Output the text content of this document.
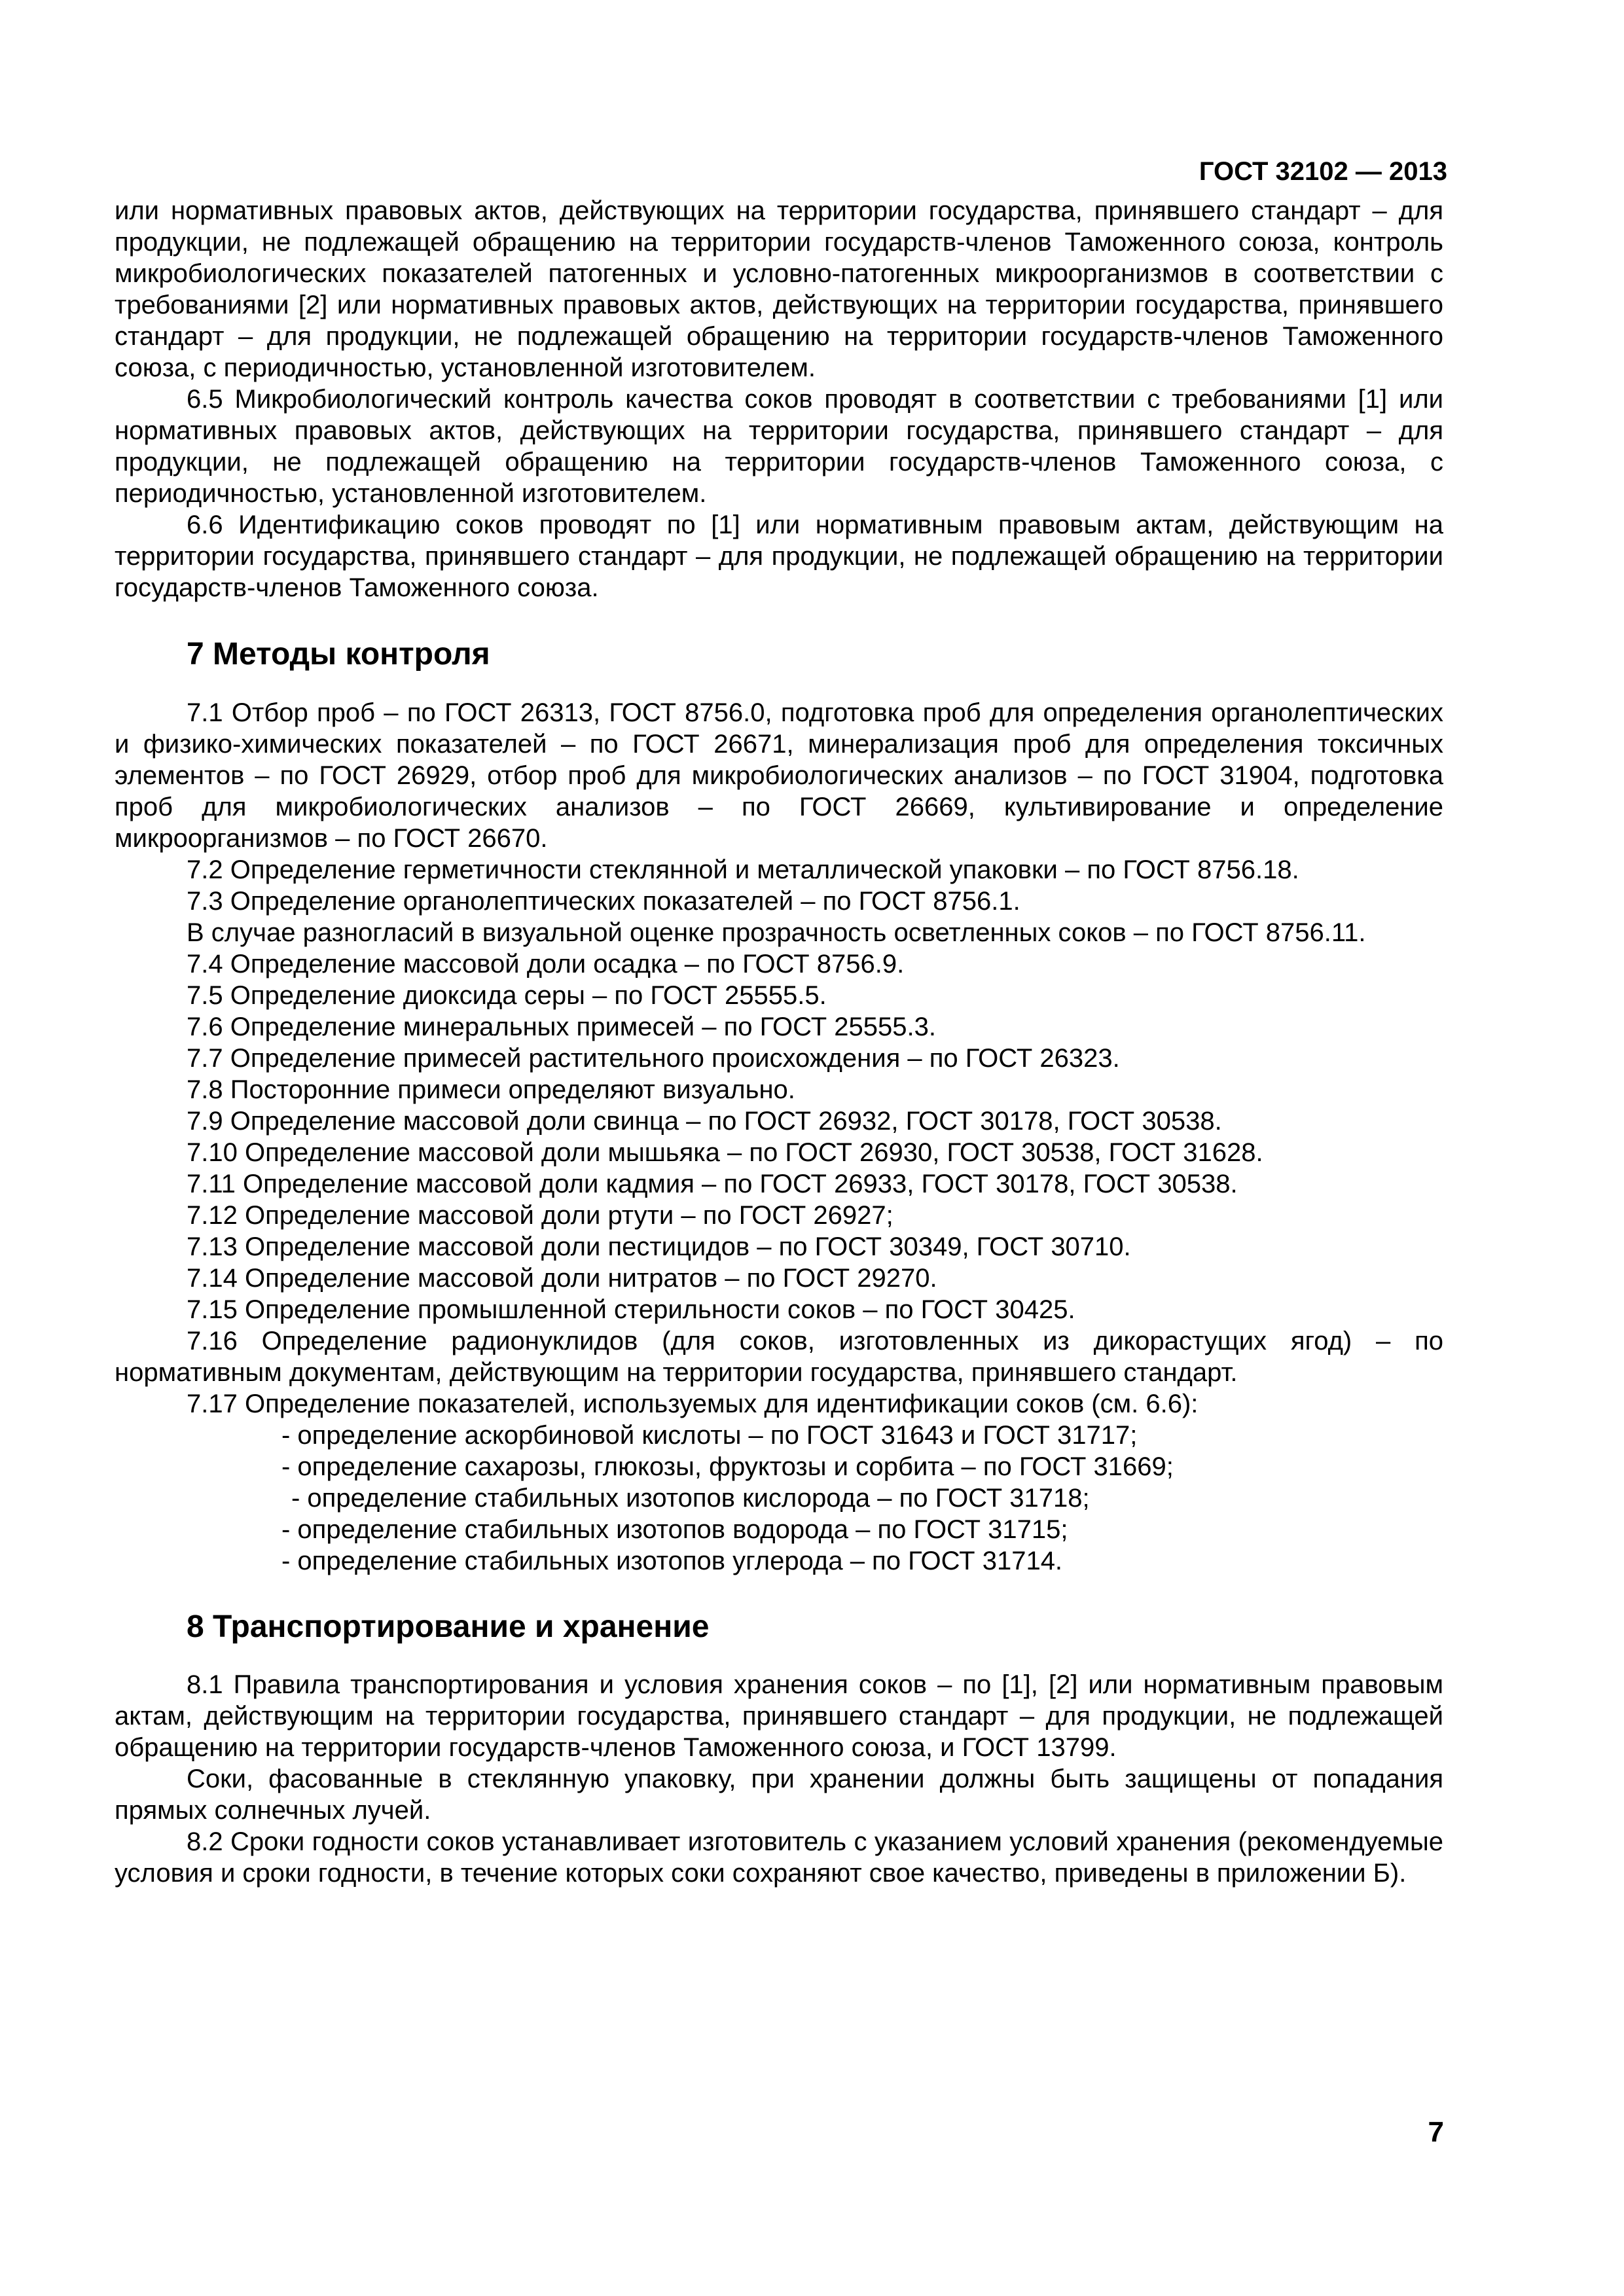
ГОСТ 32102 — 2013

или нормативных правовых актов, действующих на территории государства, принявшего стандарт – для продукции, не подлежащей обращению на территории государств-членов Таможенного союза, контроль микробиологических показателей патогенных и условно-патогенных микроорганизмов в соответствии с требованиями [2] или нормативных правовых актов, действующих на территории государства, принявшего стандарт – для продукции, не подлежащей обращению на территории государств-членов Таможенного союза, с периодичностью, установленной изготовителем.

6.5 Микробиологический контроль качества соков проводят в соответствии с требованиями [1] или нормативных правовых актов, действующих на территории государства, принявшего стандарт – для продукции, не подлежащей обращению на территории государств-членов Таможенного союза, с периодичностью, установленной изготовителем.

6.6 Идентификацию соков проводят по [1] или нормативным правовым актам, действующим на территории государства, принявшего стандарт – для продукции, не подлежащей обращению на территории государств-членов Таможенного союза.

7 Методы контроля

7.1 Отбор проб – по ГОСТ 26313, ГОСТ 8756.0, подготовка проб для определения органолептических и физико-химических показателей – по ГОСТ 26671, минерализация проб для определения токсичных элементов – по ГОСТ 26929, отбор проб для микробиологических анализов – по ГОСТ 31904, подготовка проб для микробиологических анализов – по ГОСТ 26669, культивирование и определение микроорганизмов – по ГОСТ 26670.

7.2 Определение герметичности стеклянной и металлической упаковки – по ГОСТ 8756.18.

7.3 Определение органолептических показателей – по ГОСТ 8756.1.

В случае разногласий в визуальной оценке прозрачность осветленных соков – по ГОСТ 8756.11.

7.4 Определение массовой доли осадка – по ГОСТ 8756.9.

7.5 Определение диоксида серы – по ГОСТ 25555.5.

7.6 Определение минеральных примесей – по ГОСТ 25555.3.

7.7 Определение примесей растительного происхождения – по ГОСТ 26323.

7.8 Посторонние примеси определяют визуально.

7.9 Определение массовой доли свинца – по ГОСТ 26932, ГОСТ 30178, ГОСТ 30538.

7.10 Определение массовой доли мышьяка – по ГОСТ 26930, ГОСТ 30538, ГОСТ 31628.

7.11 Определение массовой доли кадмия – по ГОСТ 26933, ГОСТ 30178, ГОСТ 30538.

7.12 Определение массовой доли ртути – по ГОСТ 26927;

7.13 Определение массовой доли пестицидов – по ГОСТ 30349, ГОСТ 30710.

7.14 Определение массовой доли нитратов – по ГОСТ 29270.

7.15 Определение промышленной стерильности соков – по ГОСТ 30425.

7.16 Определение радионуклидов (для соков, изготовленных из дикорастущих ягод) – по нормативным документам, действующим на территории государства, принявшего стандарт.

7.17 Определение показателей, используемых для идентификации соков (см. 6.6):

- определение аскорбиновой кислоты – по ГОСТ 31643 и ГОСТ 31717;

- определение сахарозы, глюкозы, фруктозы и сорбита – по ГОСТ 31669;

- определение стабильных изотопов кислорода – по ГОСТ 31718;

- определение стабильных изотопов водорода – по ГОСТ 31715;

- определение стабильных изотопов углерода – по ГОСТ 31714.

8 Транспортирование и хранение

8.1 Правила транспортирования и условия хранения соков – по [1], [2] или нормативным правовым актам, действующим на территории государства, принявшего стандарт – для продукции, не подлежащей обращению на территории государств-членов Таможенного союза, и ГОСТ 13799.

Соки, фасованные в стеклянную упаковку, при хранении должны быть защищены от попадания прямых солнечных лучей.

8.2 Сроки годности соков устанавливает изготовитель с указанием условий хранения (рекомендуемые условия и сроки годности, в течение которых соки сохраняют свое качество, приведены в приложении Б).

7
